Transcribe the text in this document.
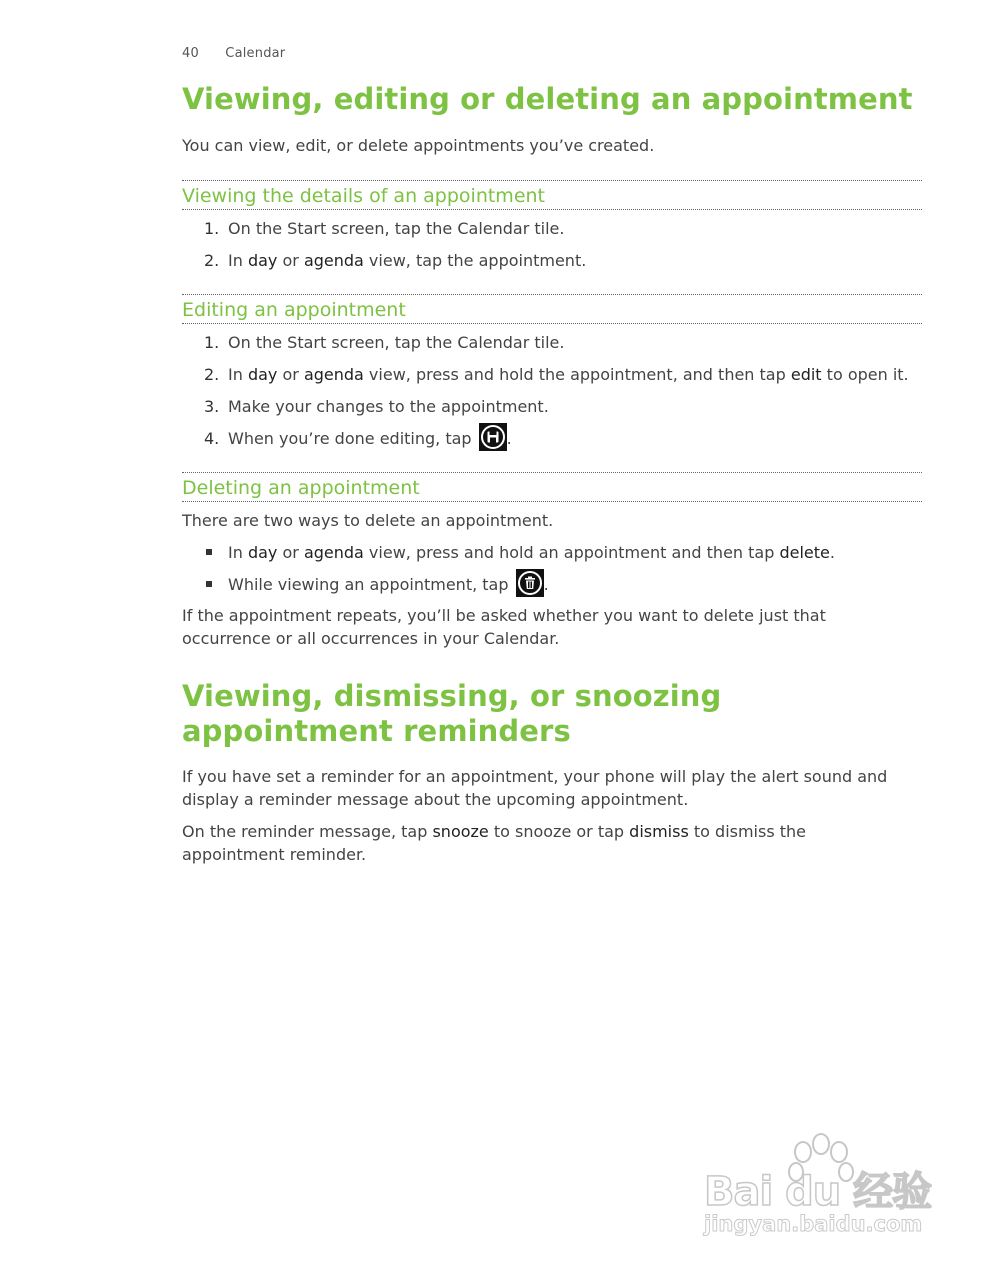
40 Calendar
Viewing, editing or deleting an appointment

You can view, edit, or delete appointments you’ve created.

Viewing the details of an appointment
1. On the Start screen, tap the Calendar tile.
2. In day or agenda view, tap the appointment.
Editing an appointment
1. On the Start screen, tap the Calendar tile.
2. In day or agenda view, press and hold the appointment, and then tap edit to open it.
3. Make your changes to the appointment.
4. When you’re done editing, tap .
Deleting an appointment

There are two ways to delete an appointment.

In day or agenda view, press and hold an appointment and then tap delete.
While viewing an appointment, tap .

If the appointment repeats, you’ll be asked whether you want to delete just that occurrence or all occurrences in your Calendar.

Viewing, dismissing, or snoozing appointment reminders

If you have set a reminder for an appointment, your phone will play the alert sound and display a reminder message about the upcoming appointment.

On the reminder message, tap snooze to snooze or tap dismiss to dismiss the appointment reminder.

Bai du 经验
jingyan.baidu.com
